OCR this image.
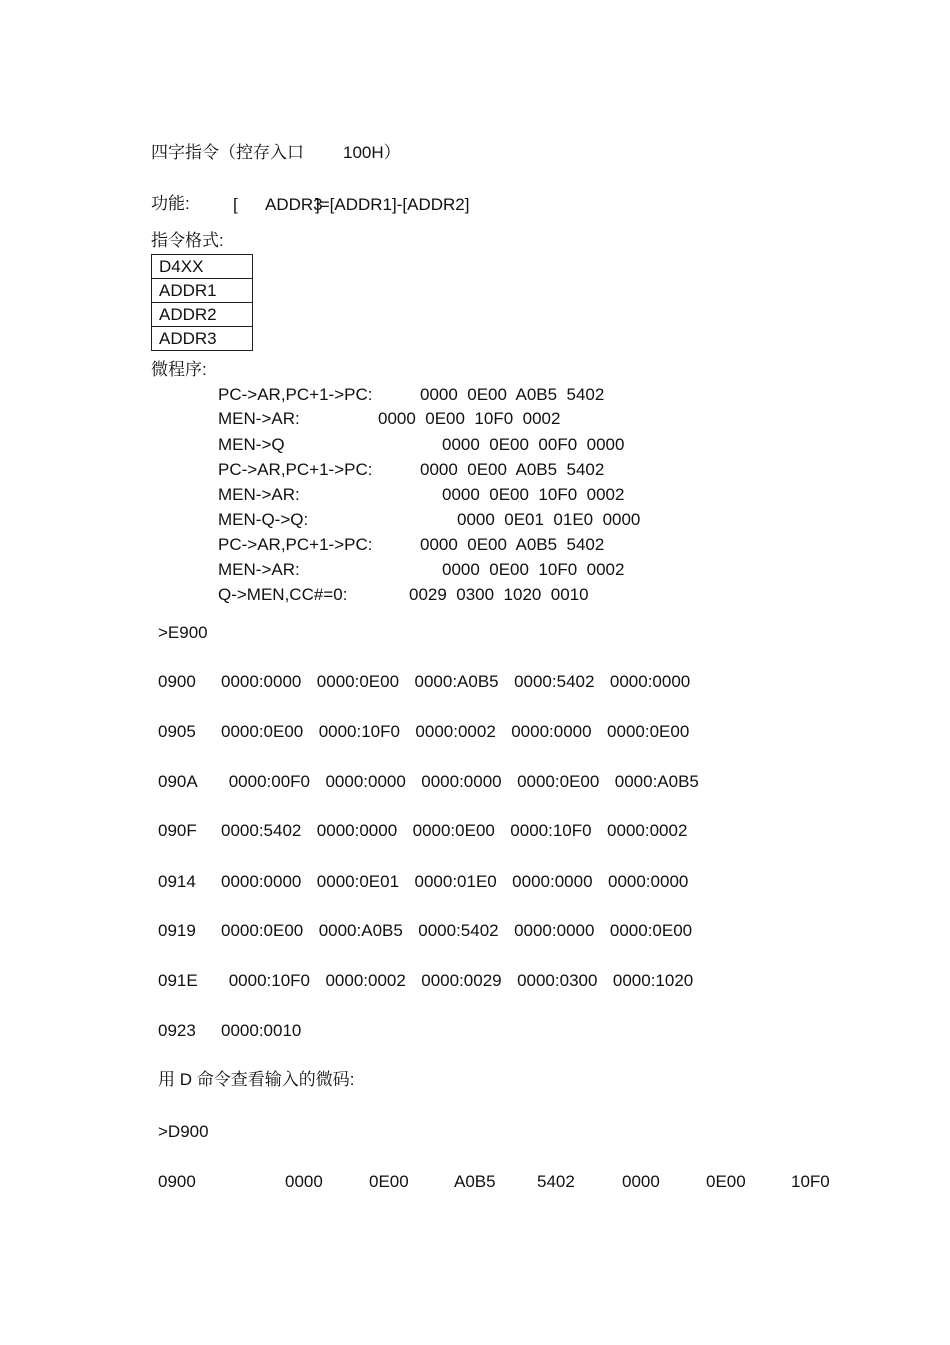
四字指令（控存入口 100H）
功能:	[ ADDR3
]=[ADDR1]-[ADDR2]
指令格式:
D4XX
ADDR1
ADDR2
ADDR3
微程序:

PC->AR,PC+1->PC:

	0000  0E00  A0B5  5402

MEN->AR:

	0000  0E00  10F0  0002

MEN->Q

	0000  0E00  00F0  0000

PC->AR,PC+1->PC:

	0000  0E00  A0B5  5402

MEN->AR:

	0000  0E00  10F0  0002

MEN-Q->Q:

	0000  0E01  01E0  0000

PC->AR,PC+1->PC:

	0000  0E00  A0B5  5402

MEN->AR:

	0000  0E00  10F0  0002

Q->MEN,CC#=0:

	0029  0300  1020  0010

>E900

0900

0000:0000  0000:0E00  0000:A0B5  0000:5402  0000:0000

0905

0000:0E00  0000:10F0  0000:0002  0000:0000  0000:0E00

090A

0000:00F0  0000:0000  0000:0000  0000:0E00  0000:A0B5

090F

0000:5402  0000:0000  0000:0E00  0000:10F0  0000:0002

0914

0000:0000  0000:0E01  0000:01E0  0000:0000  0000:0000

0919

0000:0E00  0000:A0B5  0000:5402  0000:0000  0000:0E00

091E

0000:10F0  0000:0002  0000:0029  0000:0300  0000:1020

0923

0000:0010

用 D 命令查看输入的微码:
>D900
0900	0000	0E00	A0B5 5402	0000	0E00	10F0
